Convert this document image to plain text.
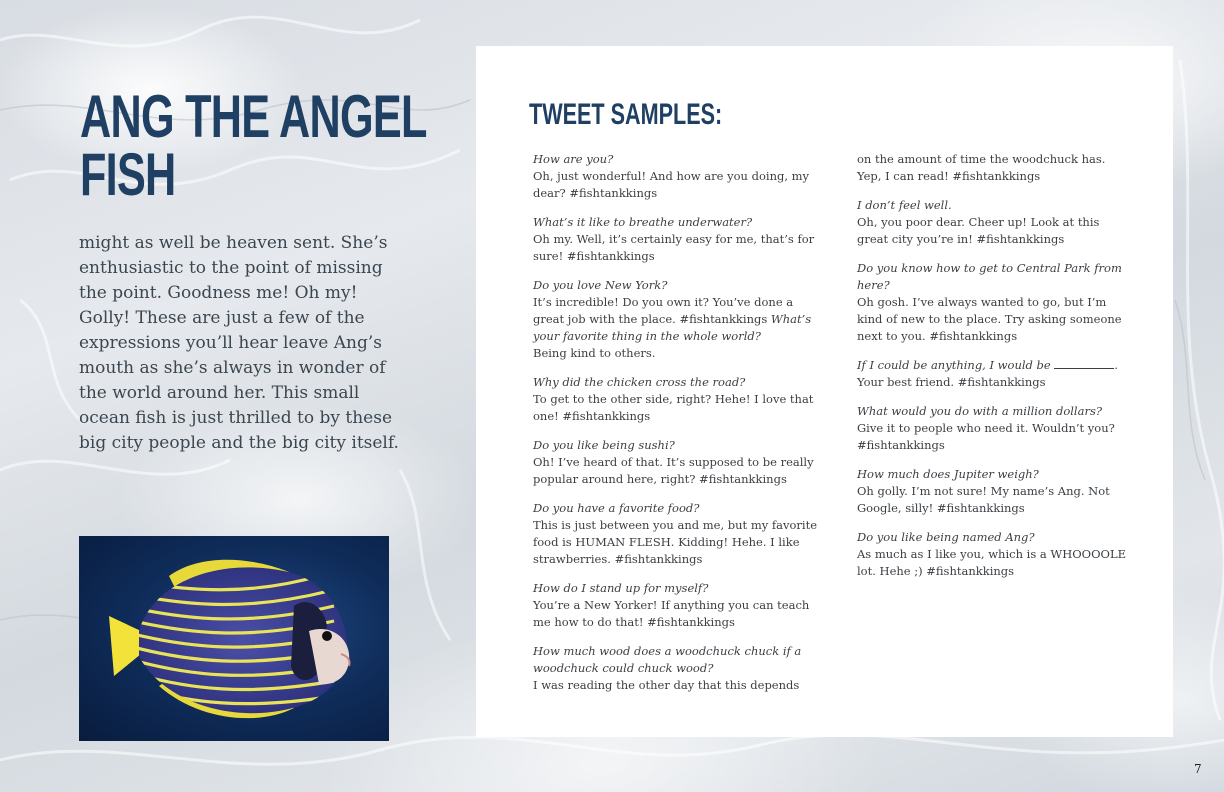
ANG THE ANGEL
FISH

might as well be heaven sent. She’s enthusiastic to the point of missing the point. Goodness me! Oh my! Golly! These are just a few of the expressions you’ll hear leave Ang’s mouth as she’s always in wonder of the world around her. This small ocean fish is just thrilled to by these big city people and the big city itself.

TWEET SAMPLES:
How are you?
Oh, just wonderful! And how are you doing, my dear? #fishtankkings
What’s it like to breathe underwater?
Oh my. Well, it’s certainly easy for me, that’s for sure! #fishtankkings
Do you love New York?
It’s incredible! Do you own it? You’ve done a great job with the place. #fishtankkings What’s your favorite thing in the whole world?
Being kind to others.
Why did the chicken cross the road?
To get to the other side, right? Hehe! I love that one! #fishtankkings
Do you like being sushi?
Oh! I’ve heard of that. It’s supposed to be really popular around here, right? #fishtankkings
Do you have a favorite food?
This is just between you and me, but my favorite food is HUMAN FLESH. Kidding! Hehe. I like strawberries. #fishtankkings
How do I stand up for myself?
You’re a New Yorker! If anything you can teach me how to do that! #fishtankkings
How much wood does a woodchuck chuck if a woodchuck could chuck wood?
I was reading the other day that this depends
on the amount of time the woodchuck has. Yep, I can read! #fishtankkings
I don’t feel well.
Oh, you poor dear. Cheer up! Look at this great city you’re in! #fishtankkings
Do you know how to get to Central Park from here?
Oh gosh. I’ve always wanted to go, but I’m kind of new to the place. Try asking someone next to you. #fishtankkings
If I could be anything, I would be	.
Your best friend. #fishtankkings
What would you do with a million dollars?
Give it to people who need it. Wouldn’t you? #fishtankkings
How much does Jupiter weigh?
Oh golly. I’m not sure! My name’s Ang. Not Google, silly! #fishtankkings
Do you like being named Ang?
As much as I like you, which is a WHOOOOLE lot. Hehe ;) #fishtankkings
7
